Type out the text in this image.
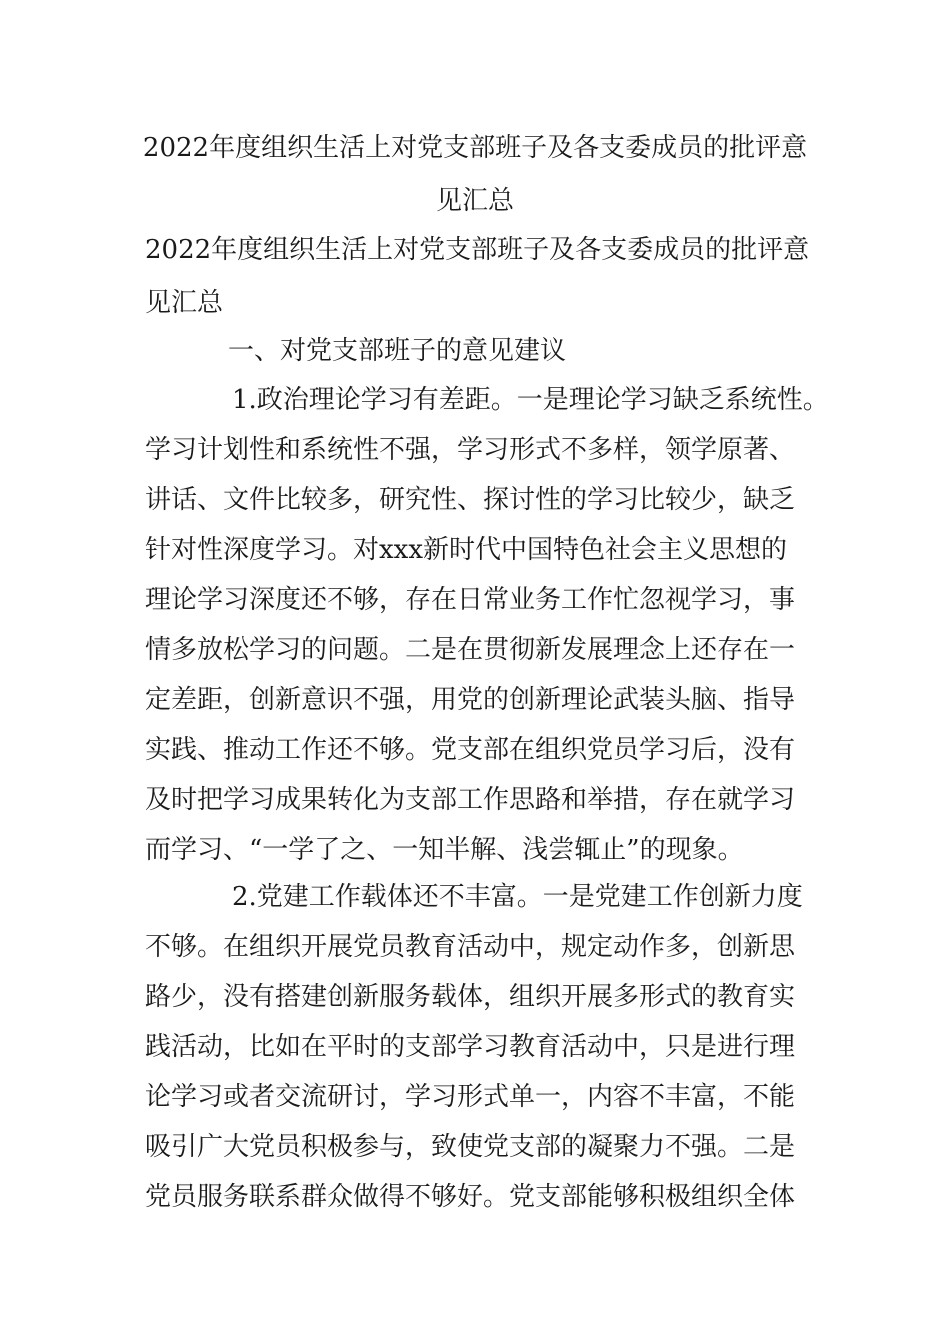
2022年度组织生活上对党支部班子及各支委成员的批评意
见汇总
2022年度组织生活上对党支部班子及各支委成员的批评意
见汇总
一、对党支部班子的意见建议

1.政治理论学习有差距。一是理论学习缺乏系统性。

学习计划性和系统性不强，学习形式不多样，领学原著、

讲话、文件比较多，研究性、探讨性的学习比较少，缺乏

针对性深度学习。对xxx新时代中国特色社会主义思想的

理论学习深度还不够，存在日常业务工作忙忽视学习，事

情多放松学习的问题。二是在贯彻新发展理念上还存在一

定差距，创新意识不强，用党的创新理论武装头脑、指导

实践、推动工作还不够。党支部在组织党员学习后，没有

及时把学习成果转化为支部工作思路和举措，存在就学习

而学习、“一学了之、一知半解、浅尝辄止”的现象。

2.党建工作载体还不丰富。一是党建工作创新力度

不够。在组织开展党员教育活动中，规定动作多，创新思

路少，没有搭建创新服务载体，组织开展多形式的教育实

践活动，比如在平时的支部学习教育活动中，只是进行理

论学习或者交流研讨，学习形式单一，内容不丰富，不能

吸引广大党员积极参与，致使党支部的凝聚力不强。二是

党员服务联系群众做得不够好。党支部能够积极组织全体
